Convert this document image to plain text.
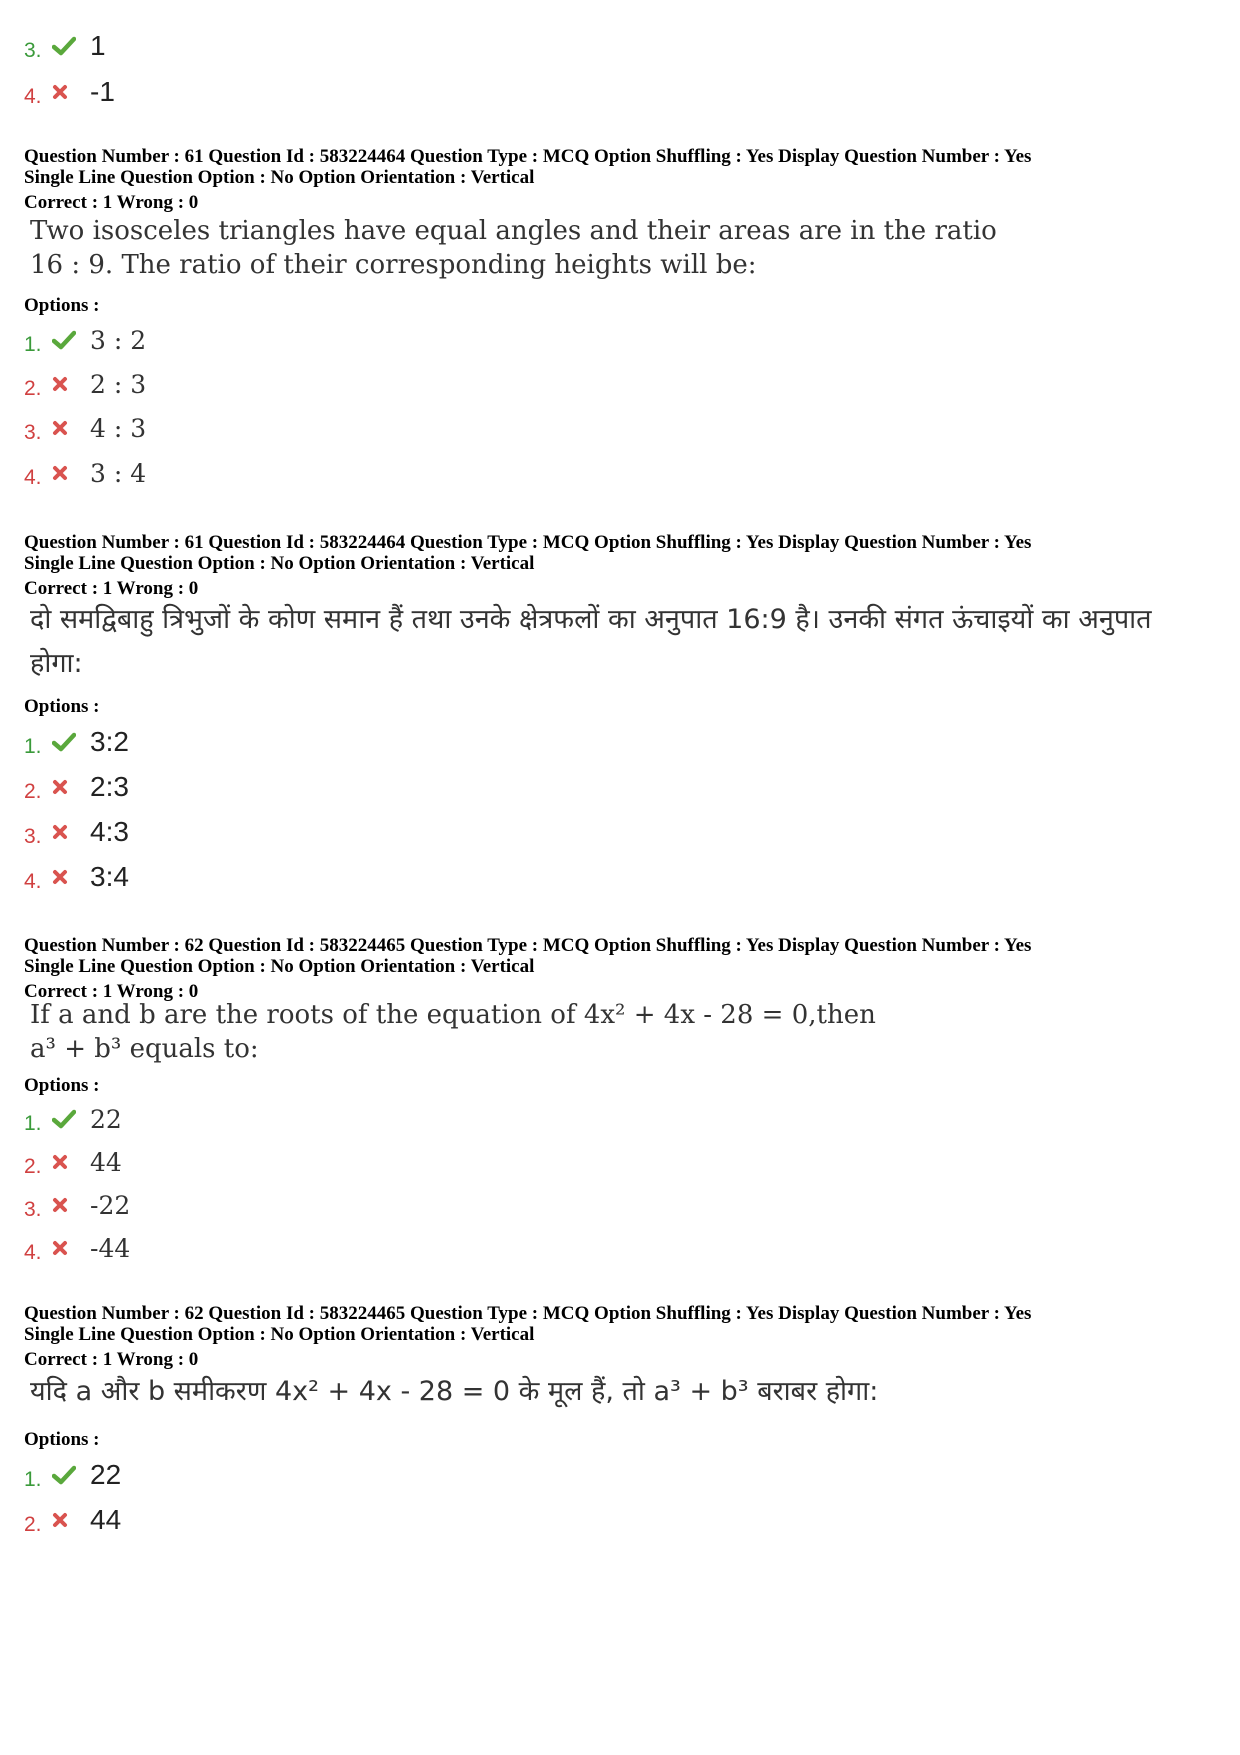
3. 1
4. -1
Question Number : 61 Question Id : 583224464 Question Type : MCQ Option Shuffling : Yes Display Question Number : Yes
Single Line Question Option : No Option Orientation : Vertical
Correct : 1 Wrong : 0
Two isosceles triangles have equal angles and their areas are in the ratio 16 : 9. The ratio of their corresponding heights will be:
Options :
1. 3 : 2
2. 2 : 3
3. 4 : 3
4. 3 : 4
Question Number : 61 Question Id : 583224464 Question Type : MCQ Option Shuffling : Yes Display Question Number : Yes
Single Line Question Option : No Option Orientation : Vertical
Correct : 1 Wrong : 0
दो समद्विबाहु त्रिभुजों के कोण समान हैं तथा उनके क्षेत्रफलों का अनुपात 16:9 है। उनकी संगत ऊंचाइयों का अनुपात होगा:
Options :
1. 3:2
2. 2:3
3. 4:3
4. 3:4
Question Number : 62 Question Id : 583224465 Question Type : MCQ Option Shuffling : Yes Display Question Number : Yes
Single Line Question Option : No Option Orientation : Vertical
Correct : 1 Wrong : 0
If a and b are the roots of the equation of 4x² + 4x - 28 = 0,then
a³ + b³ equals to:
Options :
1. 22
2. 44
3. -22
4. -44
Question Number : 62 Question Id : 583224465 Question Type : MCQ Option Shuffling : Yes Display Question Number : Yes
Single Line Question Option : No Option Orientation : Vertical
Correct : 1 Wrong : 0
यदि a और b समीकरण 4x² + 4x - 28 = 0 के मूल हैं, तो a³ + b³ बराबर होगा:
Options :
1. 22
2. 44
